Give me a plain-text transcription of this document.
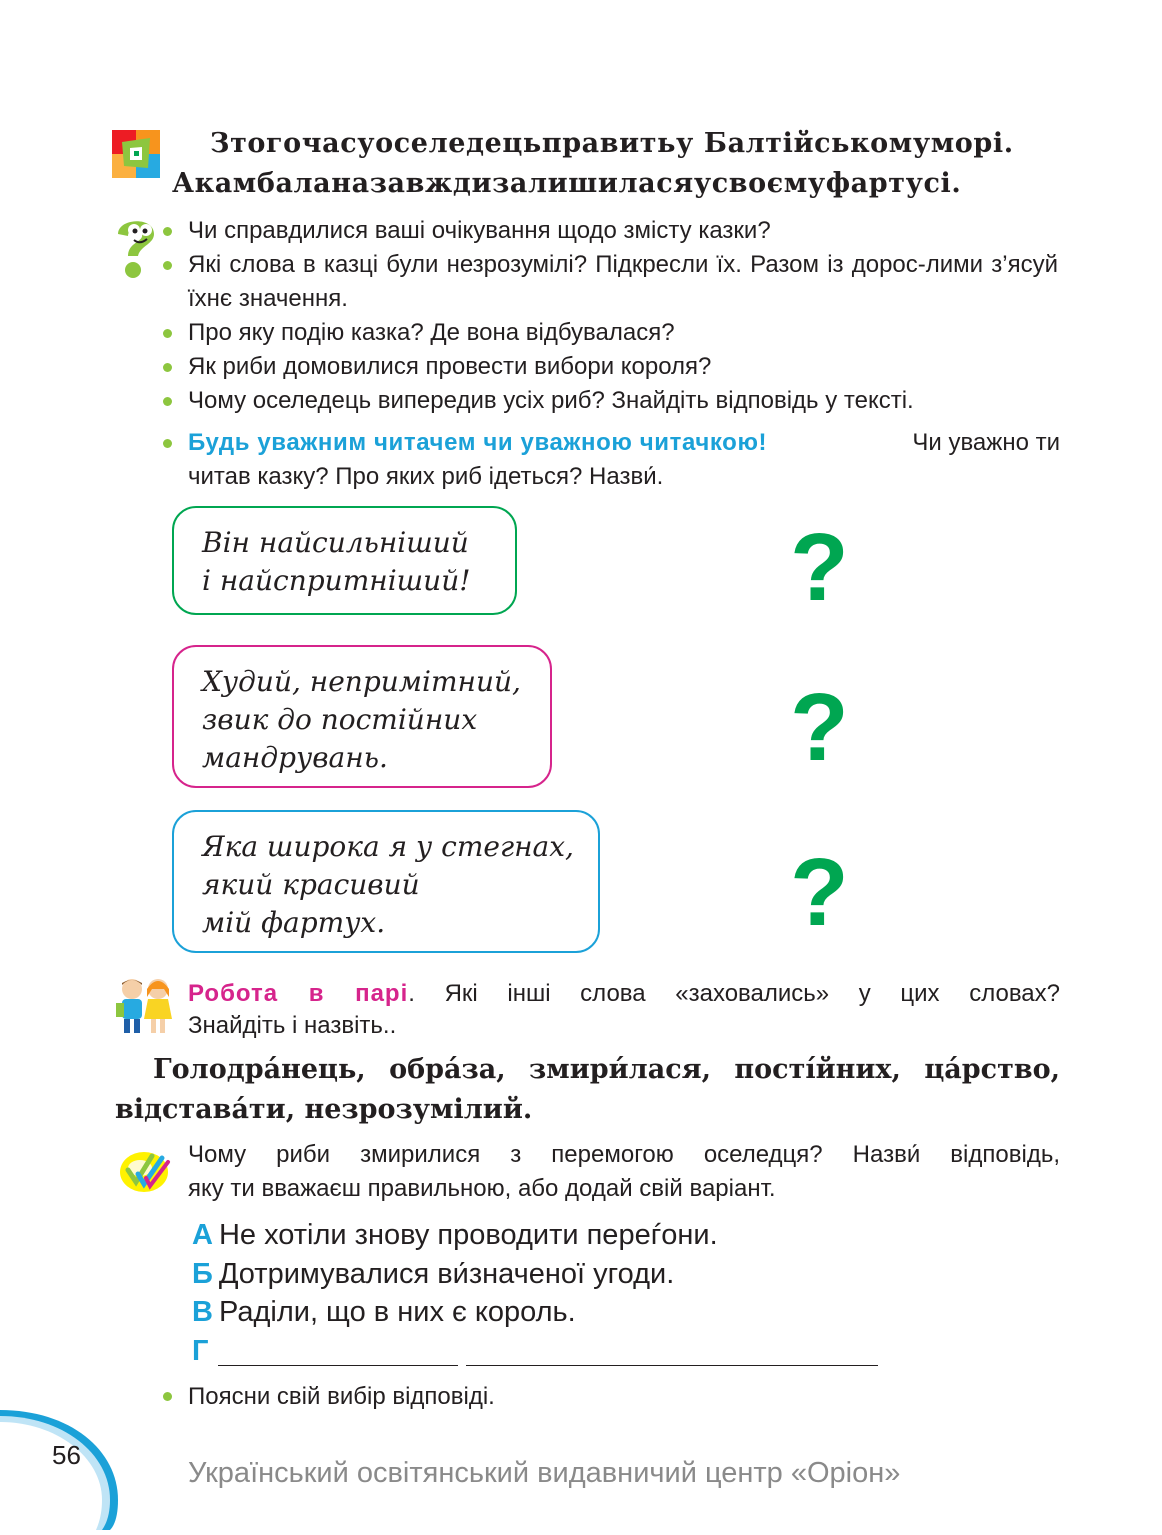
Зтогочасуоселедецьправитьу Балтійськомуморі.
Акамбаланазавждизалишиласяусвоємуфартусі.
Чи справдилися ваші очікування щодо змісту казки?
Які слова в казці були незрозумілі? Підкресли їх. Разом із дорос-лими з’ясуй їхнє значення.
Про яку подію казка? Де вона відбувалася?
Як риби домовилися провести вибори короля?
Чому оселедець випередив усіх риб? Знайдіть відповідь у тексті.
Будь уважним читачем чи уважною читачкою!	Чи уважно ти
читав казку? Про яких риб ідеться? Назви́.
Він найсильніший
і найспритніший!	?
Худий, непримітний,
звик до постійних
мандрувань.	?
Яка широка я у стегнах,
який красивий
мій фартух.	?
Робота в парі. Які інші слова «заховались» у цих словах?
Знайдіть і назвіть..
Голодра́нець, обра́за, змири́лася, пості́йних, ца́рство,
відстава́ти, незрозумілий.
Чому риби змирилися з перемогою оселедця? Назви́ відповідь,
яку ти вважаєш правильною, або додай свій варіант.
А Не хотіли знову проводити переѓони.
Б Дотримувалися ви́значеної угоди.
В Раділи, що в них є король.
Г
Поясни свій вибір відповіді.
56
Український освітянський видавничий центр «Оріон»
